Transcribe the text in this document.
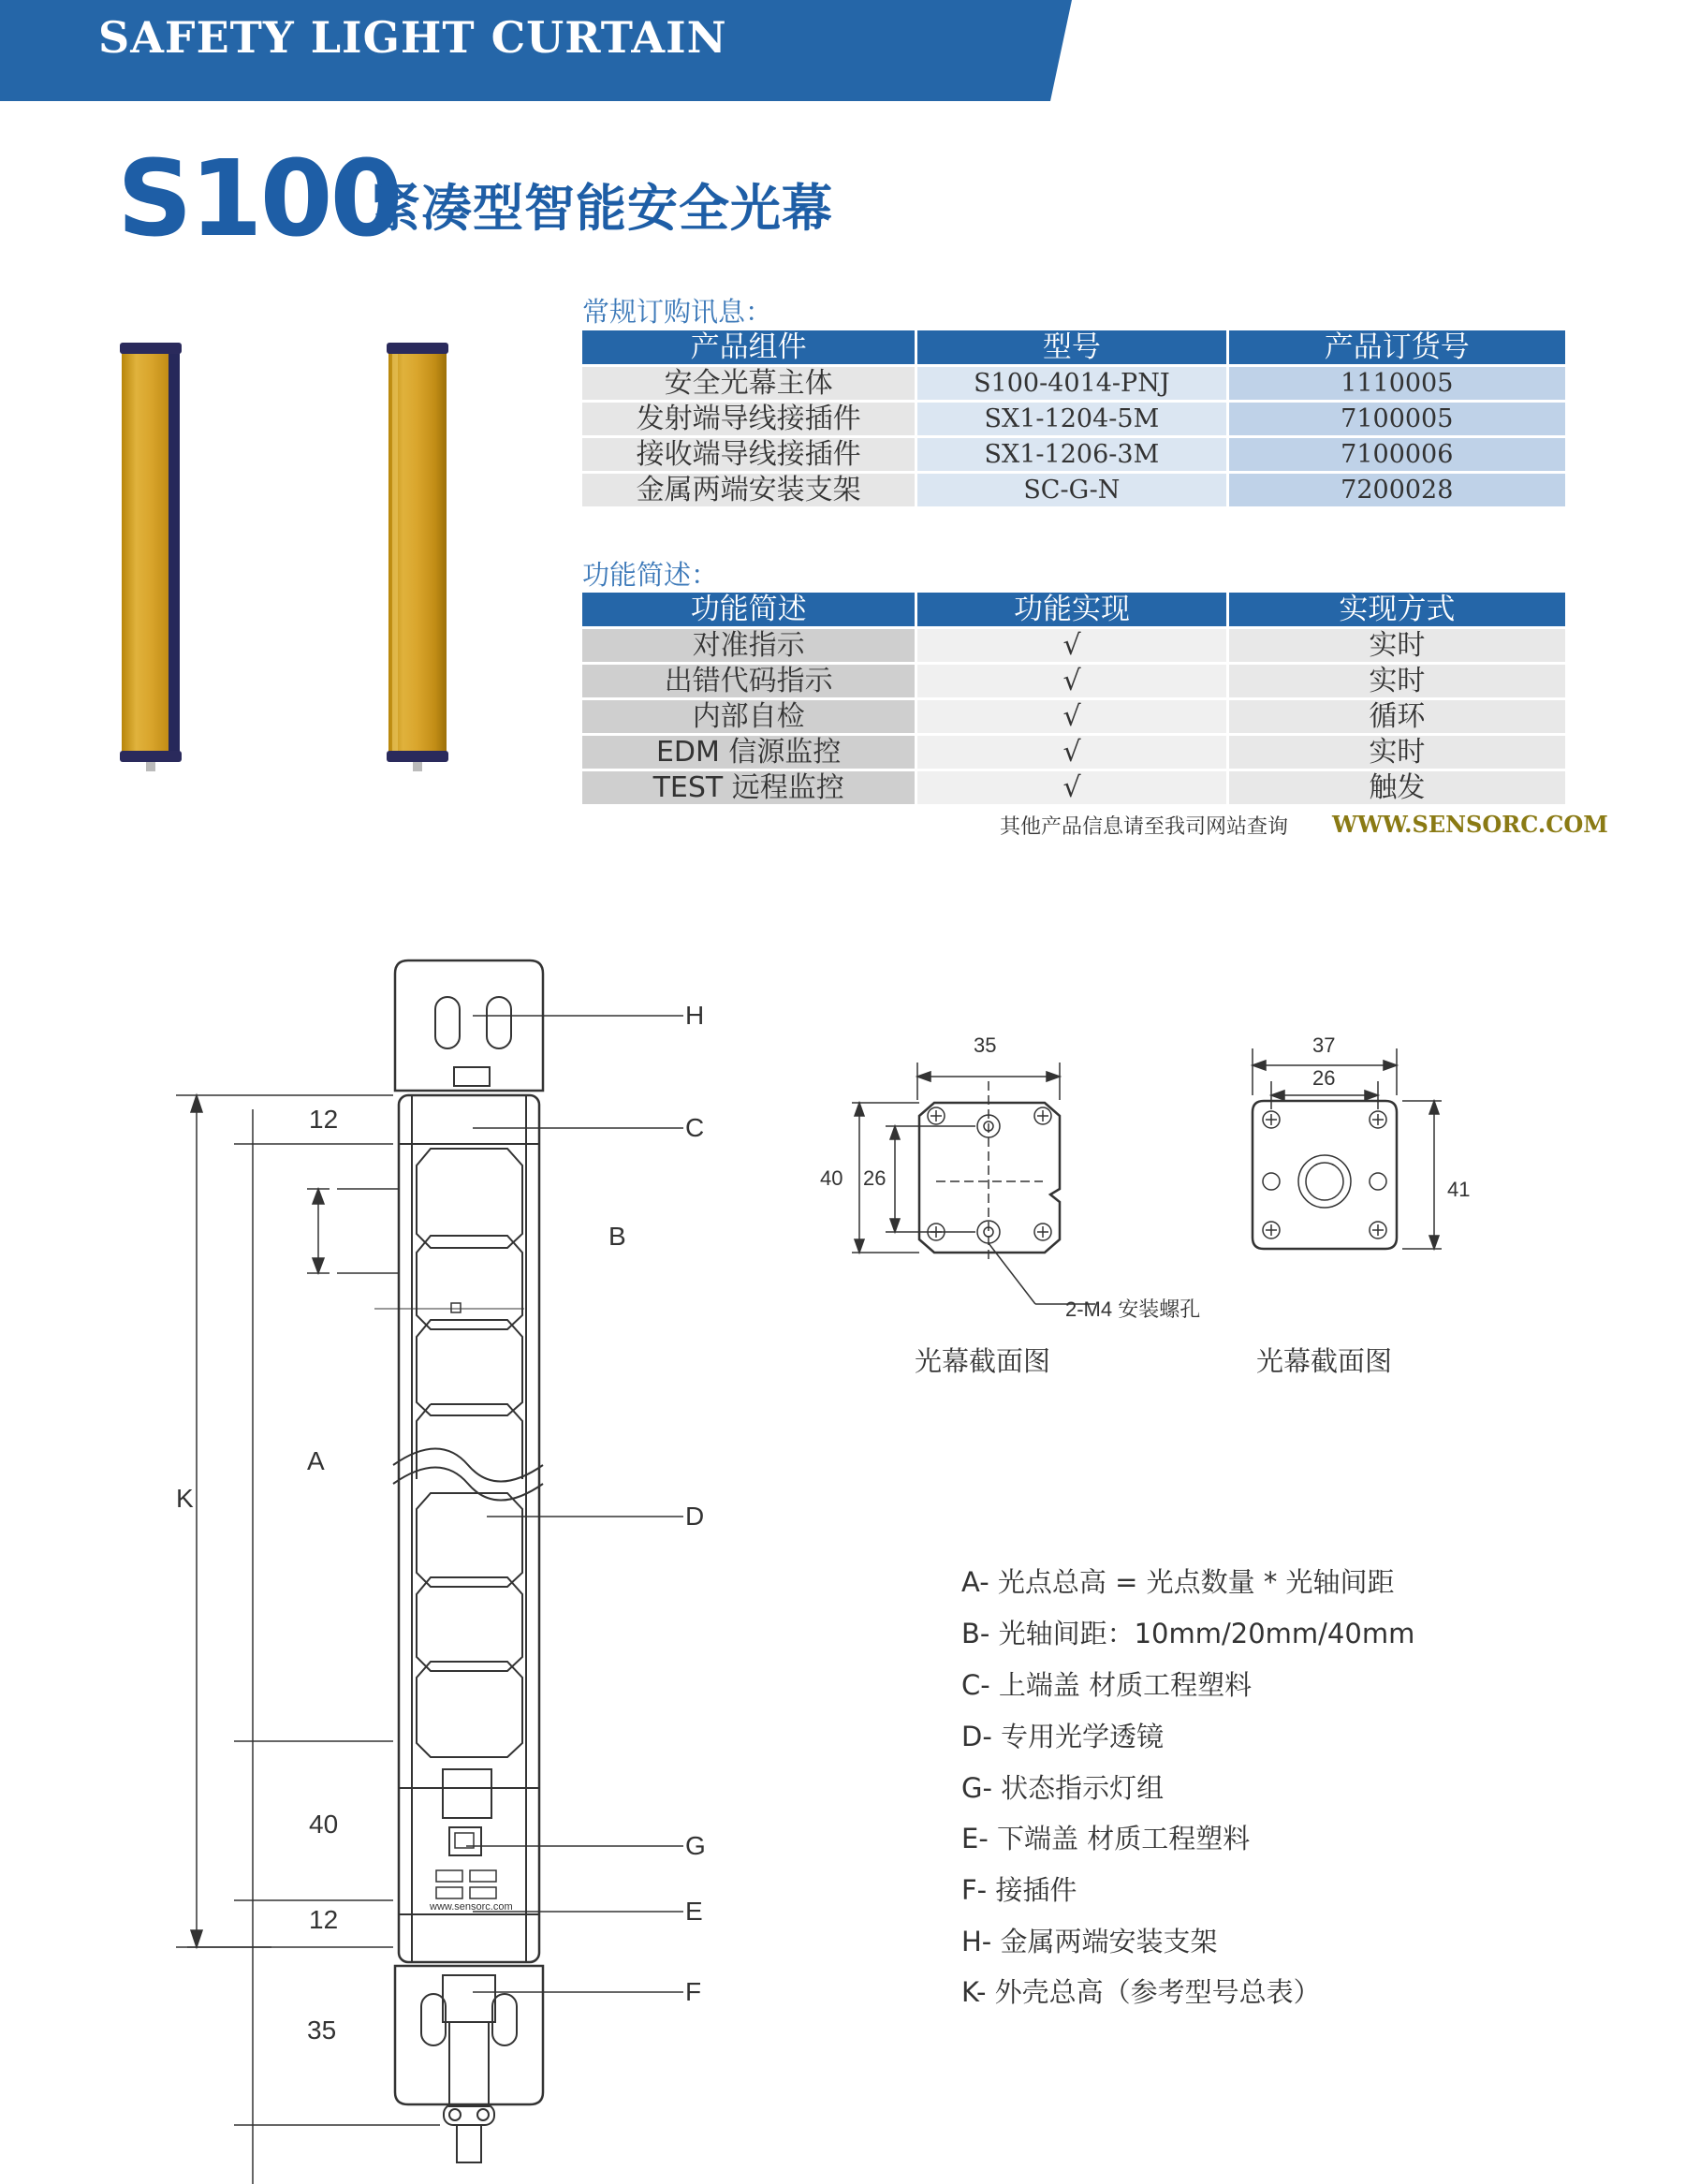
SAFETY LIGHT CURTAIN
S100
紧凑型智能安全光幕
常规订购讯息：
产品组件	型号	产品订货号
安全光幕主体	S100-4014-PNJ	1110005
发射端导线接插件	SX1-1204-5M	7100005
接收端导线接插件	SX1-1206-3M	7100006
金属两端安装支架	SC-G-N	7200028
功能简述：
功能简述	功能实现	实现方式
对准指示	√	实时
出错代码指示	√	实时
内部自检	√	循环
EDM 信源监控	√	实时
TEST 远程监控	√	触发
其他产品信息请至我司网站查询 WWW.SENSORC.COM
K
A
12
B
40
12
35
H
C
D
G
E
F
www.sensorc.com
35
40 26
2-M4 安装螺孔
光幕截面图
37
26
41
光幕截面图
A- 光点总高 = 光点数量 * 光轴间距
B- 光轴间距：10mm/20mm/40mm
C- 上端盖 材质工程塑料
D- 专用光学透镜
G- 状态指示灯组
E- 下端盖 材质工程塑料
F- 接插件
H- 金属两端安装支架
K- 外壳总高（参考型号总表）
